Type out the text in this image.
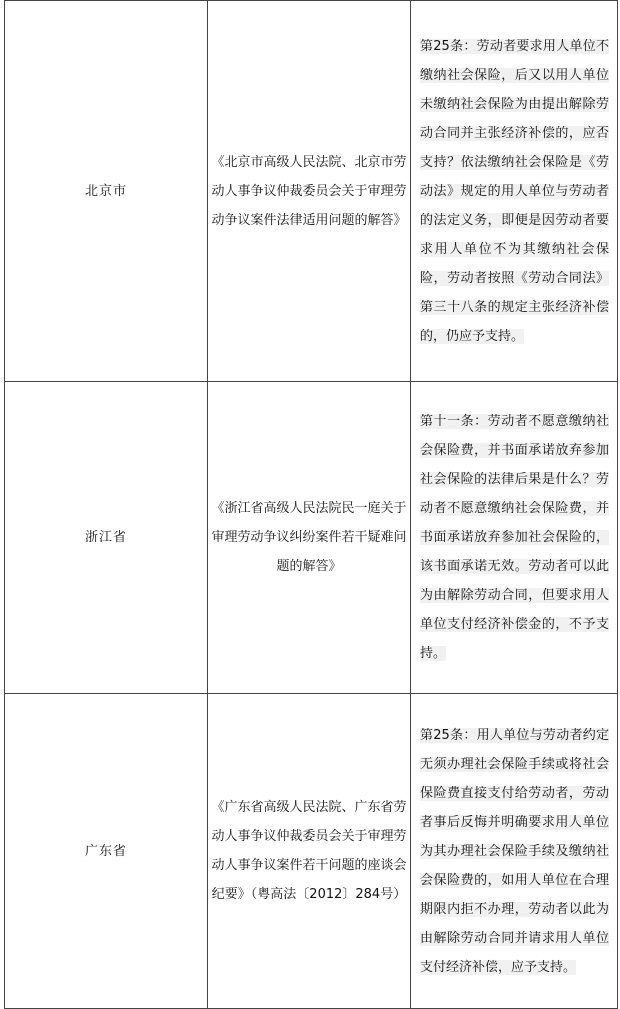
北京市	《北京市高级人民法院、北京市劳动人事争议仲裁委员会关于审理劳动争议案件法律适用问题的解答》	第25条：劳动者要求用人单位不缴纳社会保险，后又以用人单位未缴纳社会保险为由提出解除劳动合同并主张经济补偿的，应否支持？依法缴纳社会保险是《劳动法》规定的用人单位与劳动者的法定义务，即便是因劳动者要求用人单位不为其缴纳社会保险，劳动者按照《劳动合同法》第三十八条的规定主张经济补偿的，仍应予支持。
浙江省	《浙江省高级人民法院民一庭关于审理劳动争议纠纷案件若干疑难问题的解答》	第十一条：劳动者不愿意缴纳社会保险费，并书面承诺放弃参加社会保险的法律后果是什么？劳动者不愿意缴纳社会保险费，并书面承诺放弃参加社会保险的，该书面承诺无效。劳动者可以此为由解除劳动合同，但要求用人单位支付经济补偿金的，不予支持。
广东省	《广东省高级人民法院、广东省劳动人事争议仲裁委员会关于审理劳动人事争议案件若干问题的座谈会纪要》（粤高法〔2012〕284号）	第25条：用人单位与劳动者约定无须办理社会保险手续或将社会保险费直接支付给劳动者，劳动者事后反悔并明确要求用人单位为其办理社会保险手续及缴纳社会保险费的，如用人单位在合理期限内拒不办理，劳动者以此为由解除劳动合同并请求用人单位支付经济补偿，应予支持。
